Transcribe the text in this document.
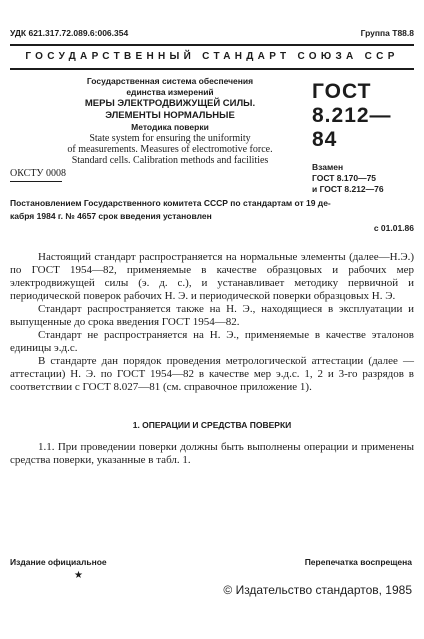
УДК 621.317.72.089.6:006.354	Группа Т88.8
ГОСУДАРСТВЕННЫЙ СТАНДАРТ СОЮЗА ССР
Государственная система обеспечения
единства измерений
МЕРЫ ЭЛЕКТРОДВИЖУЩЕЙ СИЛЫ.
ЭЛЕМЕНТЫ НОРМАЛЬНЫЕ
Методика поверки
State system for ensuring the uniformity
of measurements. Measures of electromotive force.
Standard cells. Calibration methods and facilities
ОКСТУ 0008
ГОСТ
8.212—84
Взамен
ГОСТ 8.170—75
и ГОСТ 8.212—76
Постановлением Государственного комитета СССР по стандартам от 19 де-
кабря 1984 г. № 4657 срок введения установлен
с 01.01.86

Настоящий стандарт распространяется на нормальные элементы (далее—Н.Э.) по ГОСТ 1954—82, применяемые в качестве образцовых и рабочих мер электродвижущей силы (э. д. с.), и устанавливает методику первичной и периодической поверок рабочих Н. Э. и периодической поверки образцовых Н. Э.

Стандарт распространяется также на Н. Э., находящиеся в эксплуатации и выпущенные до срока введения ГОСТ 1954—82.

Стандарт не распространяется на Н. Э., применяемые в качестве эталонов единицы э.д.с.

В стандарте дан порядок проведения метрологической аттестации (далее — аттестации) Н. Э. по ГОСТ 1954—82 в качестве мер э.д.с. 1, 2 и 3-го разрядов в соответствии с ГОСТ 8.027—81 (см. справочное приложение 1).

1. ОПЕРАЦИИ И СРЕДСТВА ПОВЕРКИ

1.1. При проведении поверки должны быть выполнены операции и применены средства поверки, указанные в табл. 1.

Издание официальное	Перепечатка воспрещена
★
© Издательство стандартов, 1985
